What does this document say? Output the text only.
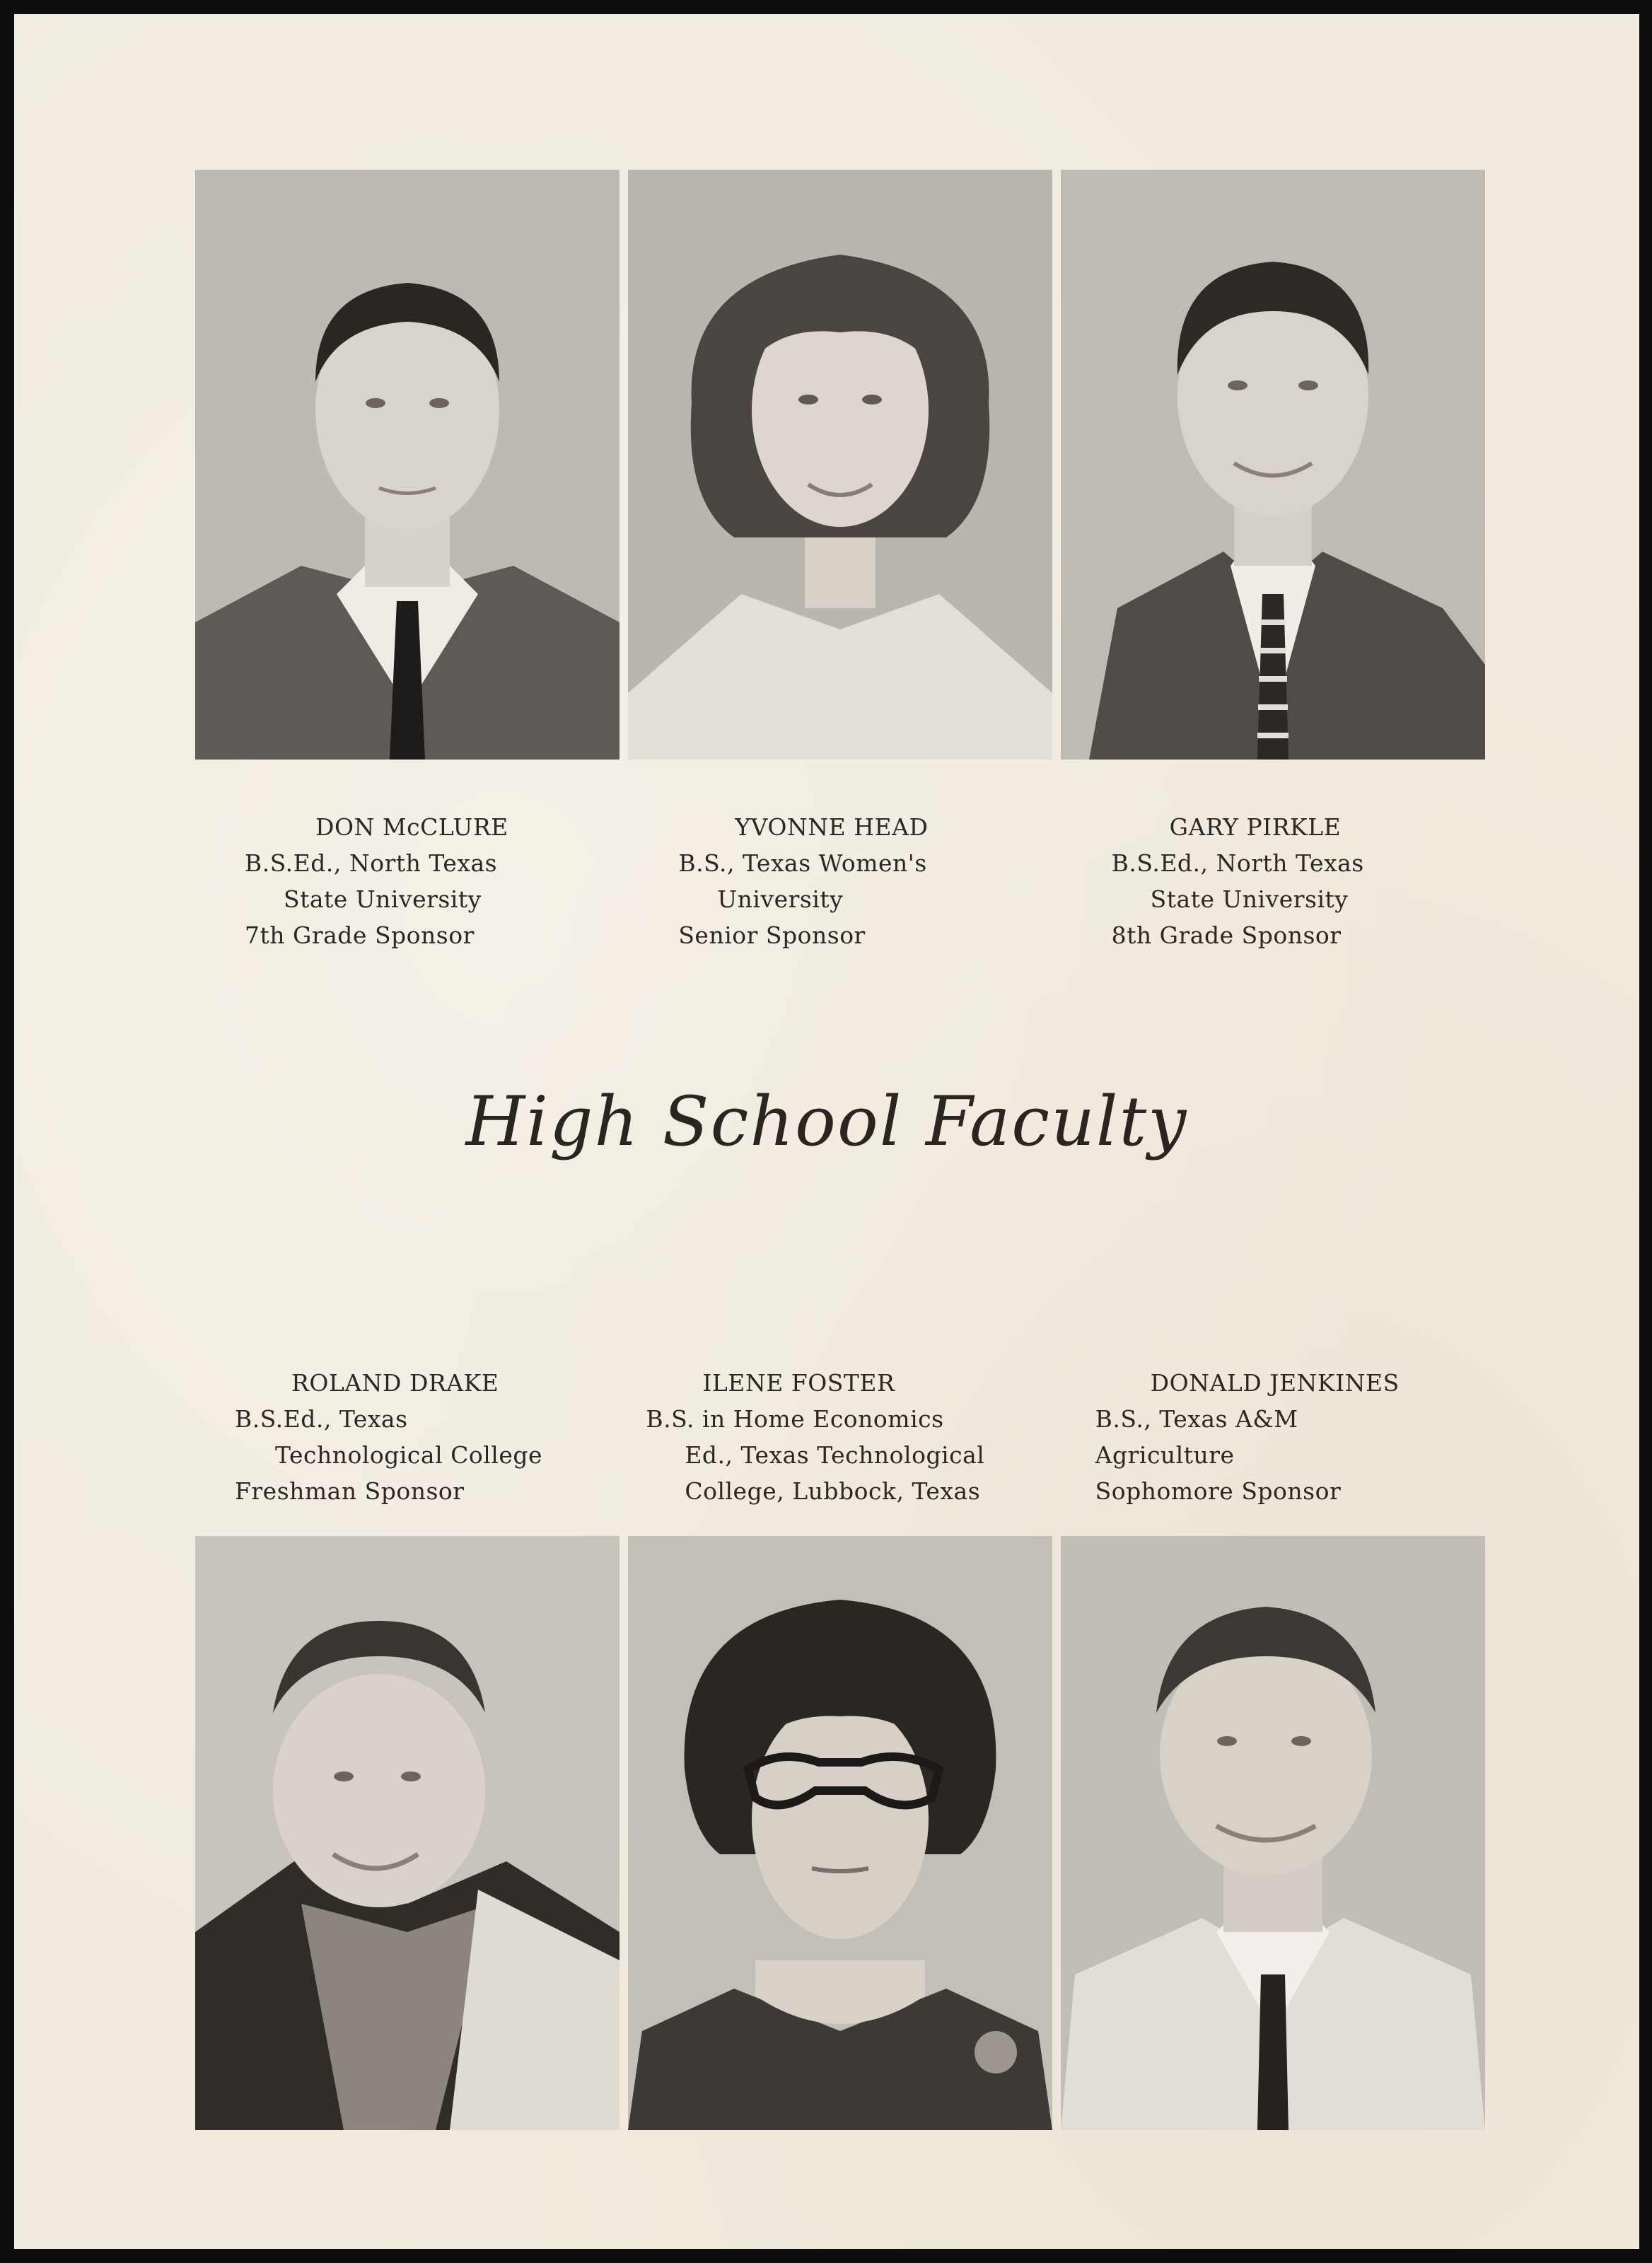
DON McCLURE
B.S.Ed., North Texas
State University
7th Grade Sponsor
YVONNE HEAD
B.S., Texas Women's
University
Senior Sponsor
GARY PIRKLE
B.S.Ed., North Texas
State University
8th Grade Sponsor
High School Faculty
ROLAND DRAKE
B.S.Ed., Texas
Technological College
Freshman Sponsor
ILENE FOSTER
B.S. in Home Economics
Ed., Texas Technological
College, Lubbock, Texas
DONALD JENKINES
B.S., Texas A&M
Agriculture
Sophomore Sponsor
